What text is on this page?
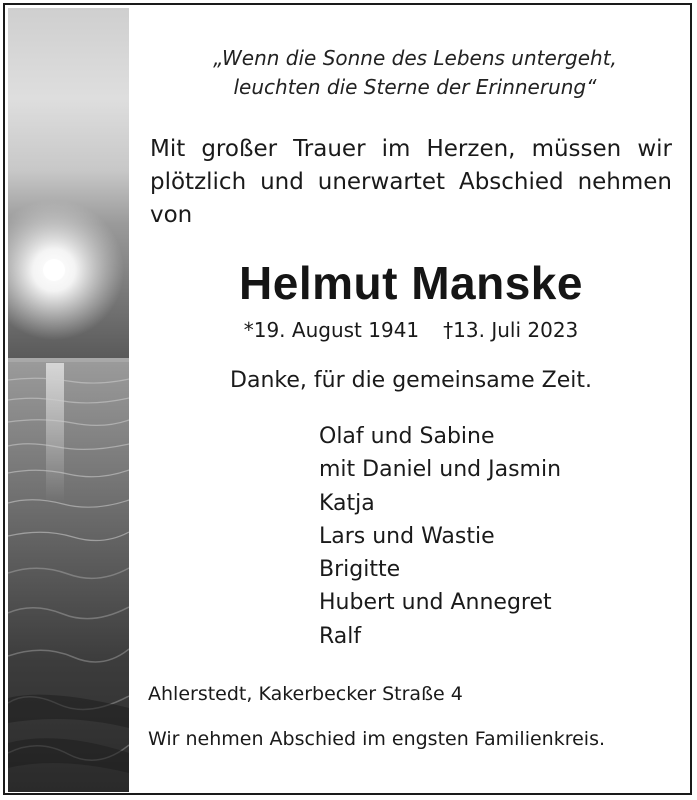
„Wenn die Sonne des Lebens untergeht,
leuchten die Sterne der Erinnerung“
Mit großer Trauer im Herzen, müssen wir
plötzlich und unerwartet Abschied nehmen
von
Helmut Manske
*19. August 1941 †13. Juli 2023
Danke, für die gemeinsame Zeit.
Olaf und Sabine
mit Daniel und Jasmin
Katja
Lars und Wastie
Brigitte
Hubert und Annegret
Ralf
Ahlerstedt, Kakerbecker Straße 4
Wir nehmen Abschied im engsten Familienkreis.
